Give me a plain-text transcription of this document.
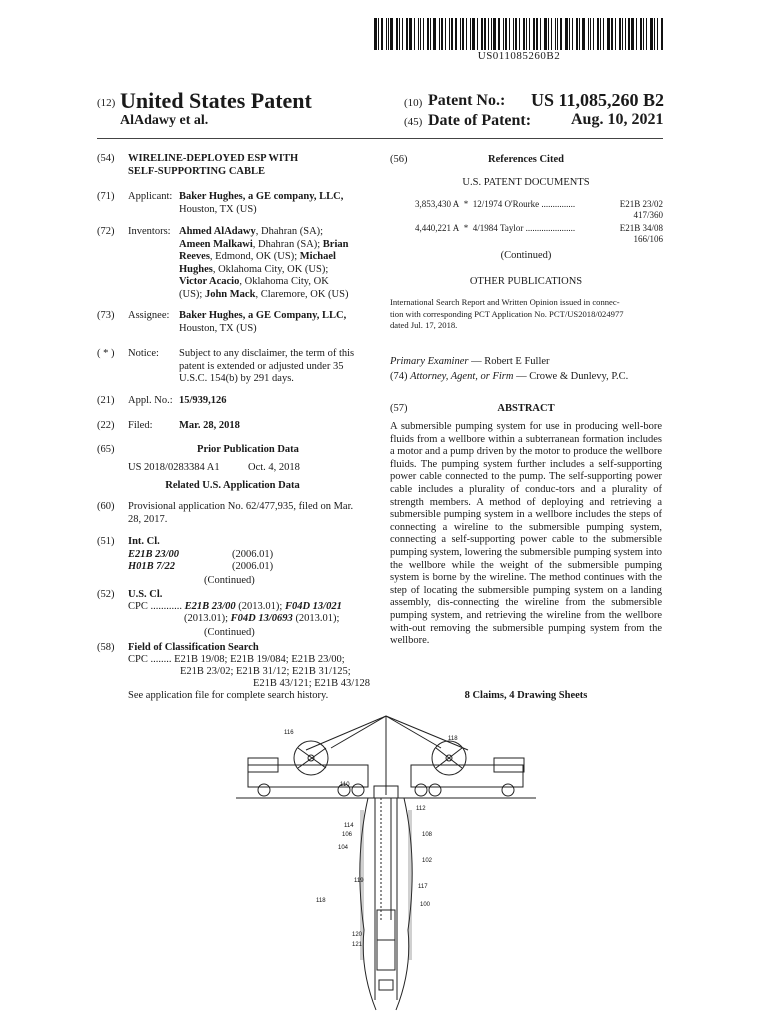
US011085260B2
(12) United States Patent
AlAdawy et al.
(10) Patent No.: US 11,085,260 B2
(45) Date of Patent: Aug. 10, 2021
(54) WIRELINE-DEPLOYED ESP WITH
SELF-SUPPORTING CABLE
(71) Applicant: Baker Hughes, a GE company, LLC,
Houston, TX (US)
(72) Inventors: Ahmed AlAdawy, Dhahran (SA);
Ameen Malkawi, Dhahran (SA); Brian
Reeves, Edmond, OK (US); Michael
Hughes, Oklahoma City, OK (US);
Victor Acacio, Oklahoma City, OK
(US); John Mack, Claremore, OK (US)
(73) Assignee: Baker Hughes, a GE Company, LLC,
Houston, TX (US)
( * ) Notice: Subject to any disclaimer, the term of this
patent is extended or adjusted under 35
U.S.C. 154(b) by 291 days.
(21) Appl. No.: 15/939,126
(22) Filed:	Mar. 28, 2018
(65)	Prior Publication Data
US 2018/0283384 A1	Oct. 4, 2018
Related U.S. Application Data
(60) Provisional application No. 62/477,935, filed on Mar.
28, 2017.
(51) Int. Cl.
E21B 23/00	(2006.01)
H01B 7/22	(2006.01)
(Continued)
(52) U.S. Cl.
CPC ............ E21B 23/00 (2013.01); F04D 13/021
(2013.01); F04D 13/0693 (2013.01);
(Continued)
(58) Field of Classification Search
CPC ........ E21B 19/08; E21B 19/084; E21B 23/00;
E21B 23/02; E21B 31/12; E21B 31/125;
E21B 43/121; E21B 43/128
See application file for complete search history.
(56)	References Cited
U.S. PATENT DOCUMENTS
3,853,430 A * 12/1974 O'Rourke ...............	E21B 23/02
417/360
4,440,221 A * 4/1984 Taylor ......................	E21B 34/08
166/106
(Continued)
OTHER PUBLICATIONS
International Search Report and Written Opinion issued in connec-
tion with corresponding PCT Application No. PCT/US2018/024977
dated Jul. 17, 2018.
Primary Examiner — Robert E Fuller
(74) Attorney, Agent, or Firm — Crowe & Dunlevy, P.C.
(57)	ABSTRACT
A submersible pumping system for use in producing well-bore fluids from a wellbore within a subterranean formation includes a motor and a pump driven by the motor to produce the wellbore fluids. The pumping system further includes a self-supporting power cable connected to the pump. The self-supporting power cable includes a plurality of conduc-tors and a plurality of strength members. A method of deploying and retrieving a submersible pumping system in a wellbore includes the steps of connecting a wireline to the submersible pumping system, connecting a self-supporting power cable to the submersible pumping system, lowering the submersible pumping system into the wellbore while the weight of the submersible pumping system is borne by the wireline. The method continues with the step of locating the submersible pumping system on a landing assembly, dis-connecting the wireline from the submersible pumping system, and retrieving the wireline from the wellbore with-out removing the submersible pumping system from the wellbore.
8 Claims, 4 Drawing Sheets
116
118
110
112
114
106
104
108
102
119
117
100
118
120
121
